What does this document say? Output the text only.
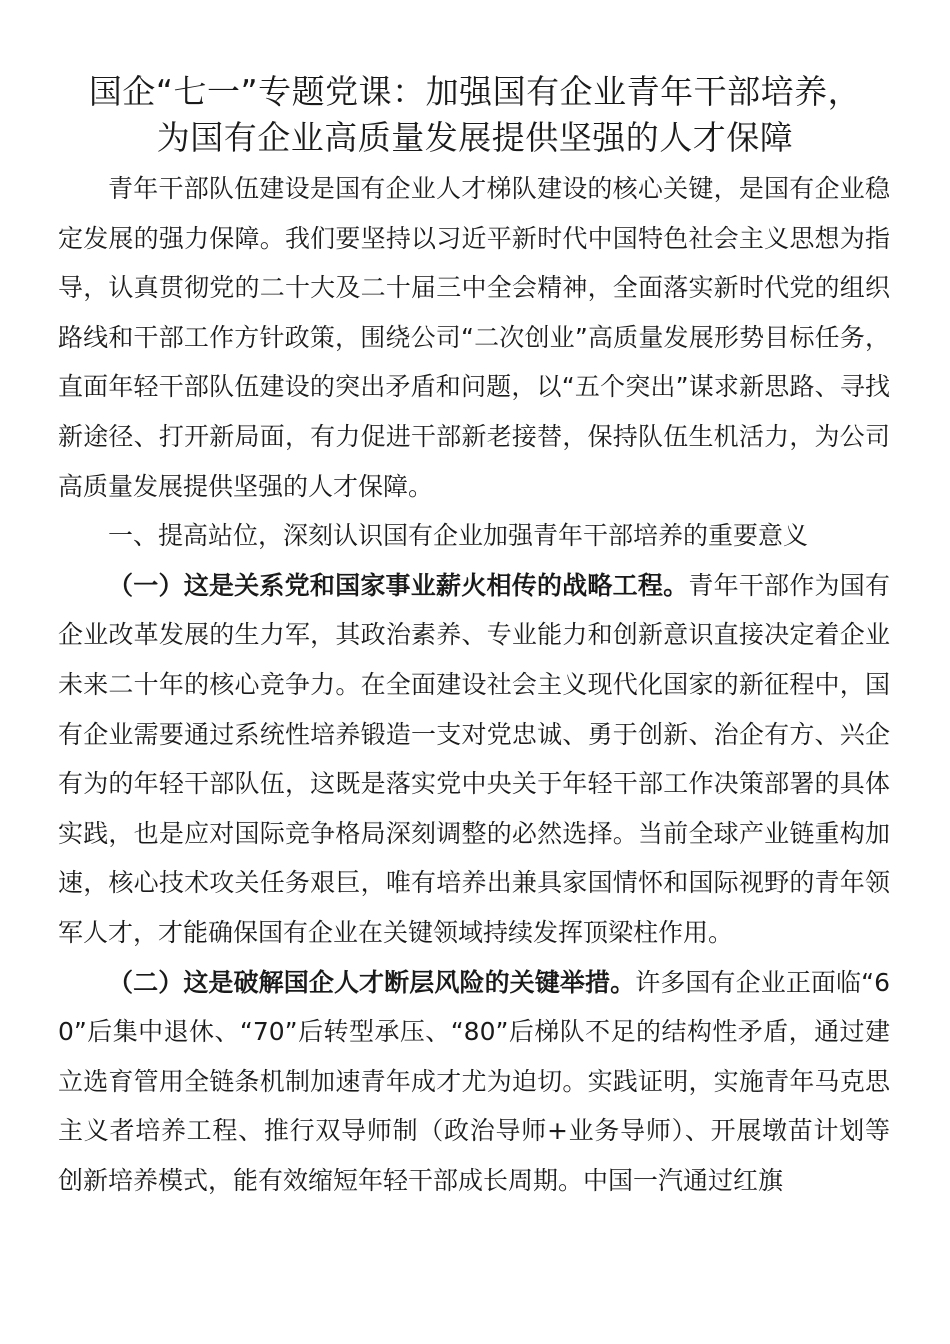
国企“七一”专题党课：加强国有企业青年干部培养，
为国有企业高质量发展提供坚强的人才保障

青年干部队伍建设是国有企业人才梯队建设的核心关键，是国有企业稳定发展的强力保障。我们要坚持以习近平新时代中国特色社会主义思想为指导，认真贯彻党的二十大及二十届三中全会精神，全面落实新时代党的组织路线和干部工作方针政策，围绕公司“二次创业”高质量发展形势目标任务，直面年轻干部队伍建设的突出矛盾和问题，以“五个突出”谋求新思路、寻找新途径、打开新局面，有力促进干部新老接替，保持队伍生机活力，为公司高质量发展提供坚强的人才保障。

一、提高站位，深刻认识国有企业加强青年干部培养的重要意义

（一）这是关系党和国家事业薪火相传的战略工程。青年干部作为国有企业改革发展的生力军，其政治素养、专业能力和创新意识直接决定着企业未来二十年的核心竞争力。在全面建设社会主义现代化国家的新征程中，国有企业需要通过系统性培养锻造一支对党忠诚、勇于创新、治企有方、兴企有为的年轻干部队伍，这既是落实党中央关于年轻干部工作决策部署的具体实践，也是应对国际竞争格局深刻调整的必然选择。当前全球产业链重构加速，核心技术攻关任务艰巨，唯有培养出兼具家国情怀和国际视野的青年领军人才，才能确保国有企业在关键领域持续发挥顶梁柱作用。

（二）这是破解国企人才断层风险的关键举措。许多国有企业正面临“60”后集中退休、“70”后转型承压、“80”后梯队不足的结构性矛盾，通过建立选育管用全链条机制加速青年成才尤为迫切。实践证明，实施青年马克思主义者培养工程、推行双导师制（政治导师+业务导师）、开展墩苗计划等创新培养模式，能有效缩短年轻干部成长周期。中国一汽通过红旗
